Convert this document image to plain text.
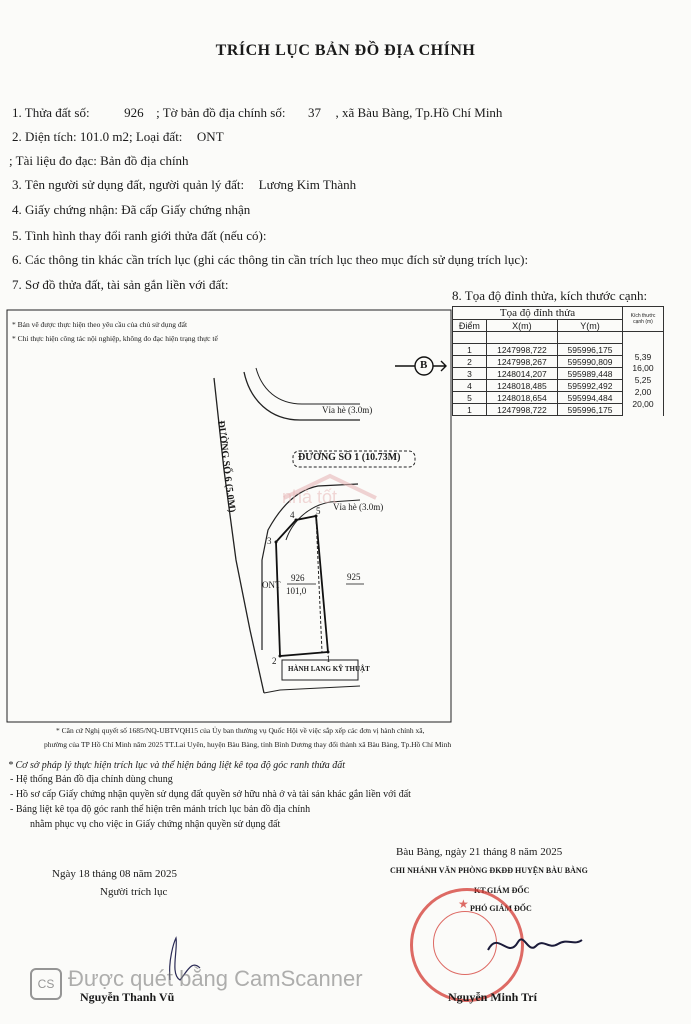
TRÍCH LỤC BẢN ĐỒ ĐỊA CHÍNH
1. Thửa đất số:	926 ; Tờ bản đồ địa chính số: 37 , xã Bàu Bàng, Tp.Hồ Chí Minh
2. Diện tích: 101.0 m2; Loại đất: ONT
; Tài liệu đo đạc: Bản đồ địa chính
3. Tên người sử dụng đất, người quản lý đất: Lương Kim Thành
4. Giấy chứng nhận: Đã cấp Giấy chứng nhận
5. Tình hình thay đổi ranh giới thửa đất (nếu có):
6. Các thông tin khác cần trích lục (ghi các thông tin cần trích lục theo mục đích sử dụng trích lục):
7. Sơ đồ thửa đất, tài sản gắn liền với đất:
8. Tọa độ đỉnh thửa, kích thước cạnh:
* Bản vẽ được thực hiện theo yêu cầu của chủ sử dụng đất
* Chỉ thực hiện công tác nội nghiệp, không đo đạc hiện trạng thực tế
B
ĐƯỜNG SỐ 6 (5.0M)	ĐƯỜNG SỐ 1 (10.73M)
Vỉa hè (3.0m)
Vỉa hè (3.0m)
926
101,0
ONT
925
HÀNH LANG KỸ THUẬT
1
2
3
4 5
nhà tốt
Tọa độ đỉnh thửa			Kích thước cạnh (m)
Điểm	X(m)	Y(m)	

1	1247998,722	595996,175	5,39
2	1247998,267	595990,809	16,00
3	1248014,207	595989,448	5,25
4	1248018,485	595992,492	2,00
5	1248018,654	595994,484	20,00
1	1247998,722	595996,175	
* Căn cứ Nghị quyết số 1685/NQ-UBTVQH15 của Ủy ban thường vụ Quốc Hội về việc sắp xếp các đơn vị hành chính xã,
phường của TP Hồ Chí Minh năm 2025 TT.Lai Uyên, huyện Bàu Bàng, tỉnh Bình Dương thay đổi thành xã Bàu Bàng, Tp.Hồ Chí Minh
* Cơ sở pháp lý thực hiện trích lục và thể hiện bảng liệt kê tọa độ góc ranh thửa đất
- Hệ thống Bản đồ địa chính dùng chung
- Hồ sơ cấp Giấy chứng nhận quyền sử dụng đất quyền sở hữu nhà ở và tài sản khác gắn liền với đất
- Bảng liệt kê tọa độ góc ranh thể hiện trên mảnh trích lục bản đồ địa chính
nhằm phục vụ cho việc in Giấy chứng nhận quyền sử dụng đất
Ngày 18 tháng 08 năm 2025
Người trích lục
Nguyễn Thanh Vũ
Bàu Bàng, ngày 21 tháng 8 năm 2025
CHI NHÁNH VĂN PHÒNG ĐKĐĐ HUYỆN BÀU BÀNG
KT.GIÁM ĐỐC
PHÓ GIÁM ĐỐC
★
Nguyễn Minh Trí
CS Được quét bằng CamScanner
